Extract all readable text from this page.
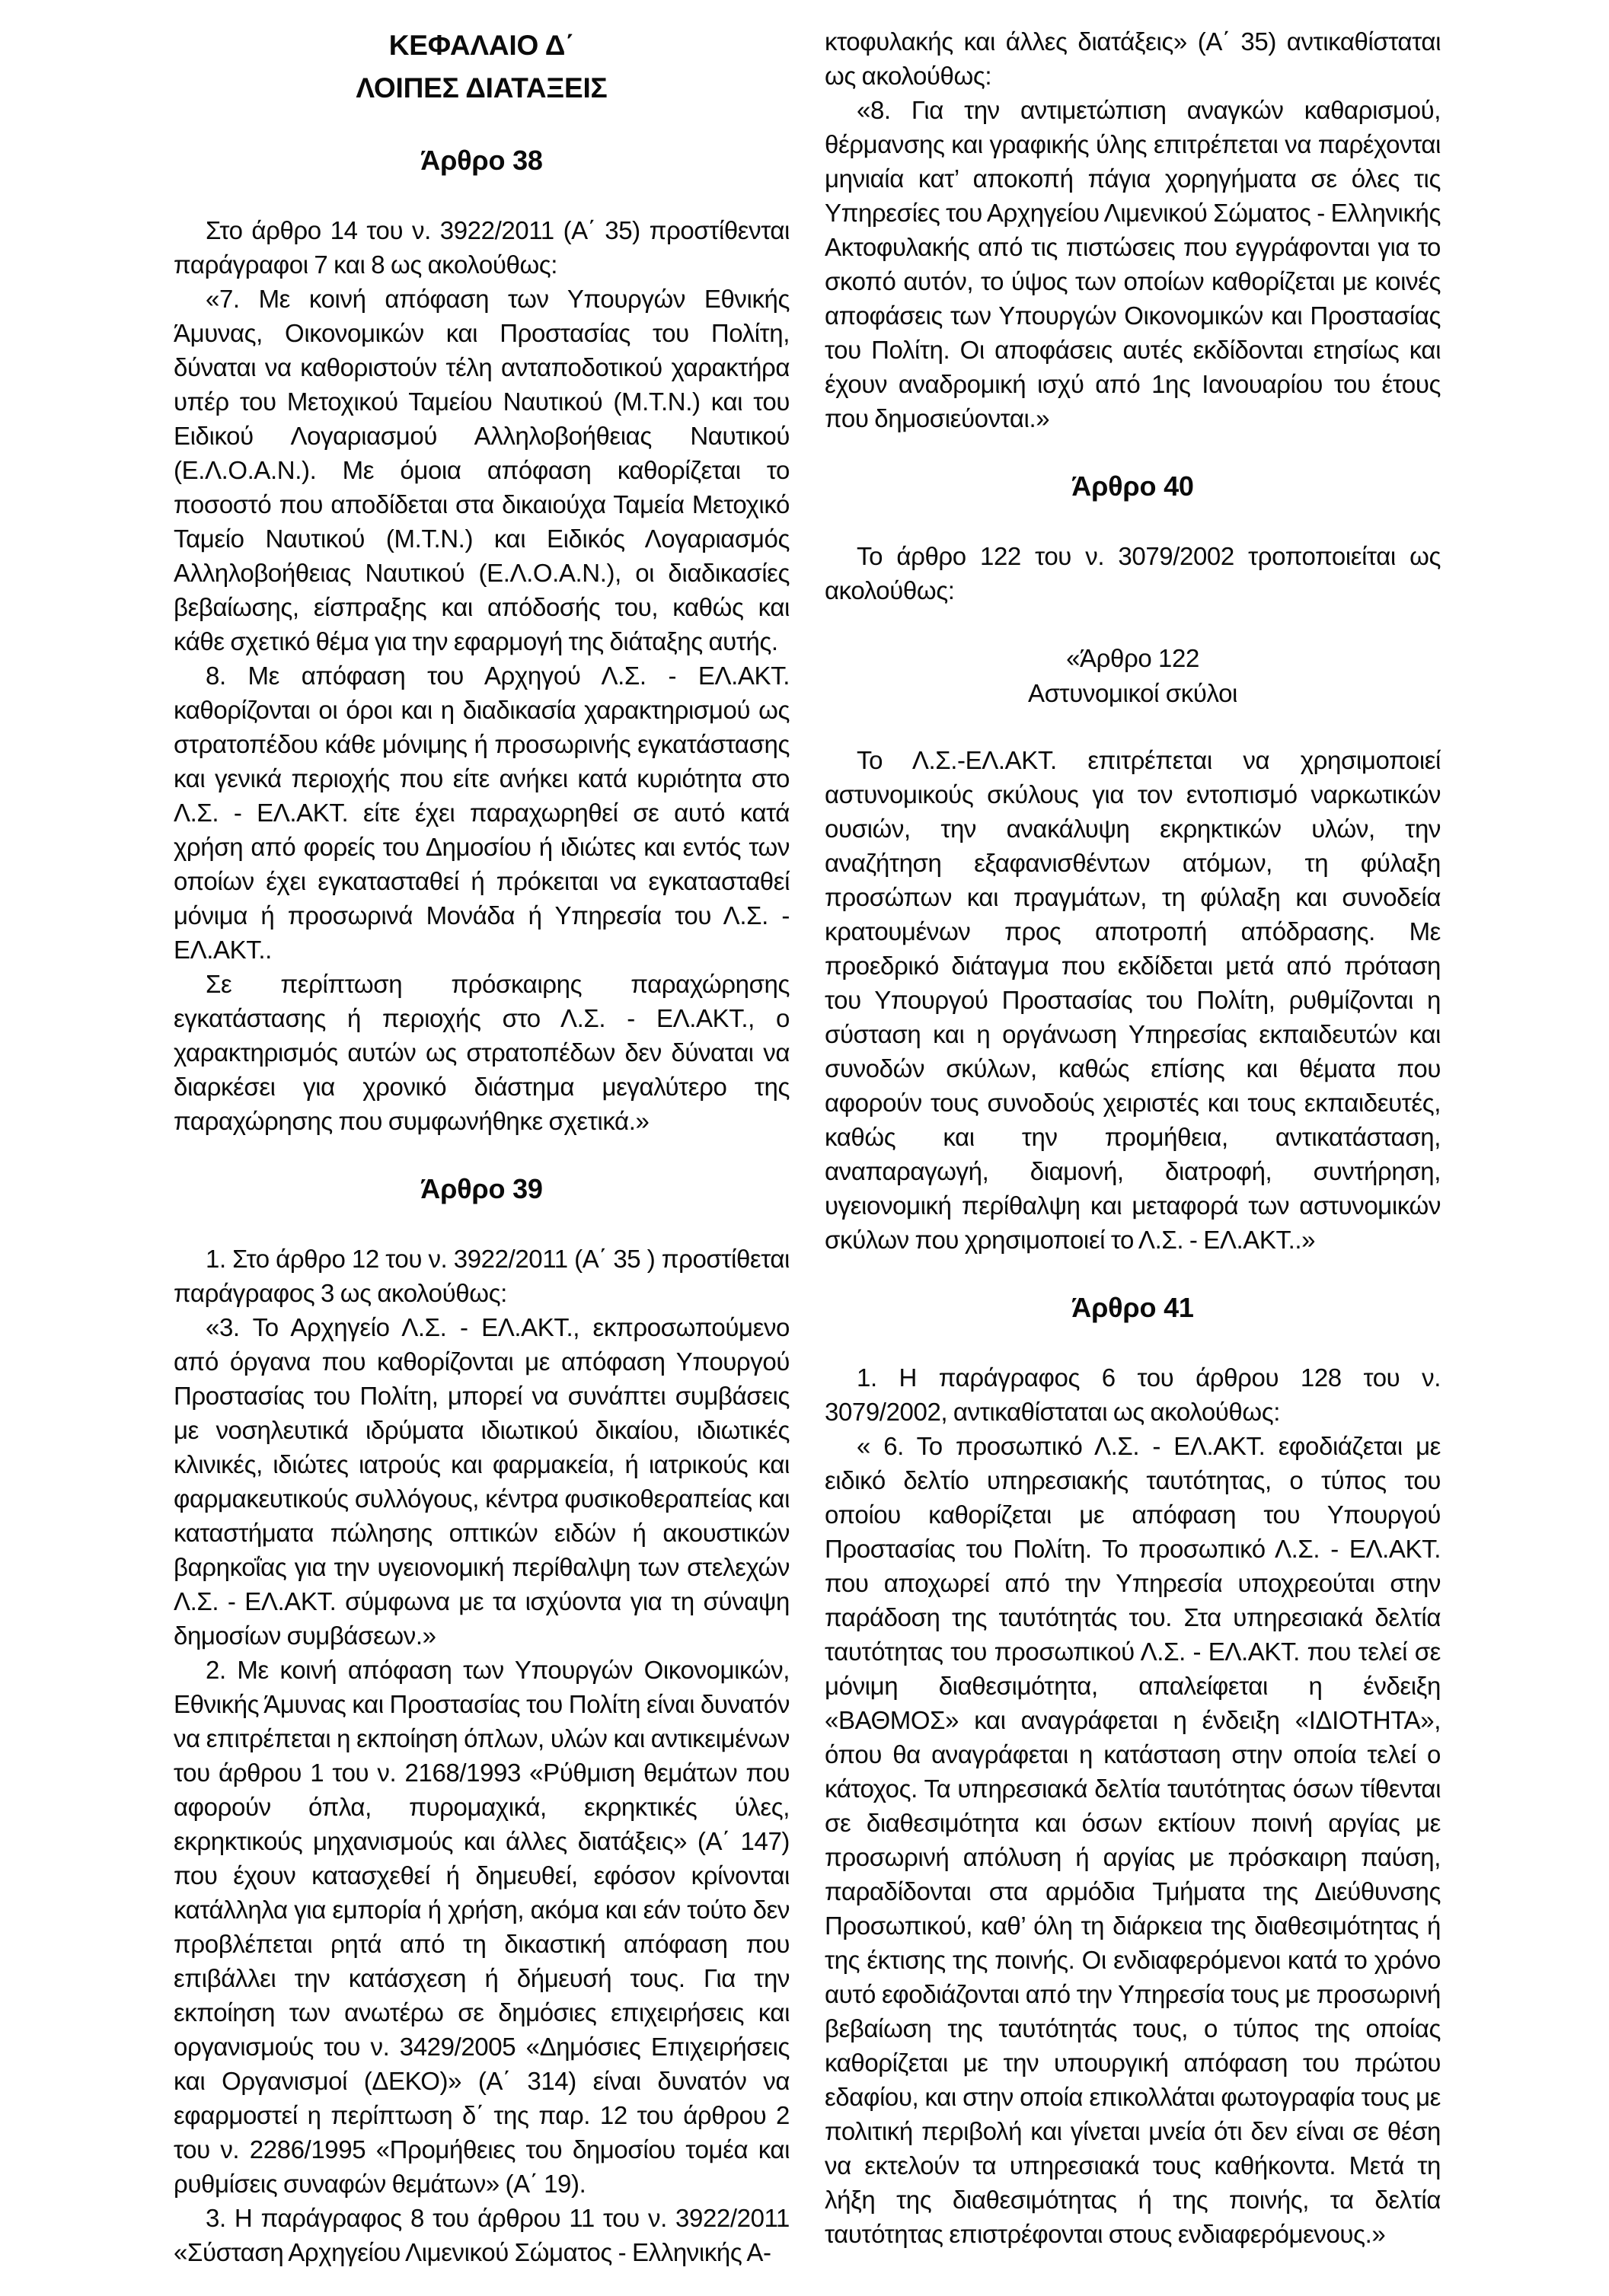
ΚΕΦΑΛΑΙΟ Δ΄
ΛΟΙΠΕΣ ΔΙΑΤΑΞΕΙΣ
Άρθρο 38

Στο άρθρο 14 του ν. 3922/2011 (Α΄ 35) προστίθενται παράγραφοι 7 και 8 ως ακολούθως:

«7. Με κοινή απόφαση των Υπουργών Εθνικής Άμυνας, Οικονομικών και Προστασίας του Πολίτη, δύναται να καθοριστούν τέλη ανταποδοτικού χαρακτήρα υπέρ του Μετοχικού Ταμείου Ναυτικού (Μ.Τ.Ν.) και του Ειδικού Λογαριασμού Αλληλοβοήθειας Ναυτικού (Ε.Λ.Ο.Α.Ν.). Με όμοια απόφαση καθορίζεται το ποσοστό που αποδίδεται στα δικαιούχα Ταμεία Μετοχικό Ταμείο Ναυτικού (Μ.Τ.Ν.) και Ειδικός Λογαριασμός Αλληλοβοήθειας Ναυτικού (Ε.Λ.Ο.Α.Ν.), οι διαδικασίες βεβαίωσης, είσπραξης και απόδοσής του, καθώς και κάθε σχετικό θέμα για την εφαρμογή της διάταξης αυτής.

8. Με απόφαση του Αρχηγού Λ.Σ. - ΕΛ.ΑΚΤ. καθορίζονται οι όροι και η διαδικασία χαρακτηρισμού ως στρατοπέδου κάθε μόνιμης ή προσωρινής εγκατάστασης και γενικά περιοχής που είτε ανήκει κατά κυριότητα στο Λ.Σ. - ΕΛ.ΑΚΤ. είτε έχει παραχωρηθεί σε αυτό κατά χρήση από φορείς του Δημοσίου ή ιδιώτες και εντός των οποίων έχει εγκατασταθεί ή πρόκειται να εγκατασταθεί μόνιμα ή προσωρινά Μονάδα ή Υπηρεσία του Λ.Σ. - ΕΛ.ΑΚΤ..

Σε περίπτωση πρόσκαιρης παραχώρησης εγκατάστασης ή περιοχής στο Λ.Σ. - ΕΛ.ΑΚΤ., ο χαρακτηρισμός αυτών ως στρατοπέδων δεν δύναται να διαρκέσει για χρονικό διάστημα μεγαλύτερο της παραχώρησης που συμφωνήθηκε σχετικά.»

Άρθρο 39

1. Στο άρθρο 12 του ν. 3922/2011 (Α΄ 35 ) προστίθεται παράγραφος 3 ως ακολούθως:

«3. Το Αρχηγείο Λ.Σ. - ΕΛ.ΑΚΤ., εκπροσωπούμενο από όργανα που καθορίζονται με απόφαση Υπουργού Προστασίας του Πολίτη, μπορεί να συνάπτει συμβάσεις με νοσηλευτικά ιδρύματα ιδιωτικού δικαίου, ιδιωτικές κλινικές, ιδιώτες ιατρούς και φαρμακεία, ή ιατρικούς και φαρμακευτικούς συλλόγους, κέντρα φυσικοθεραπείας και καταστήματα πώλησης οπτικών ειδών ή ακουστικών βαρηκοΐας για την υγειονομική περίθαλψη των στελεχών Λ.Σ. - ΕΛ.ΑΚΤ. σύμφωνα με τα ισχύοντα για τη σύναψη δημοσίων συμβάσεων.»

2. Με κοινή απόφαση των Υπουργών Οικονομικών, Εθνικής Άμυνας και Προστασίας του Πολίτη είναι δυνατόν να επιτρέπεται η εκποίηση όπλων, υλών και αντικειμένων του άρθρου 1 του ν. 2168/1993 «Ρύθμιση θεμάτων που αφορούν όπλα, πυρομαχικά, εκρηκτικές ύλες, εκρηκτικούς μηχανισμούς και άλλες διατάξεις» (Α΄ 147) που έχουν κατασχεθεί ή δημευθεί, εφόσον κρίνονται κατάλληλα για εμπορία ή χρήση, ακόμα και εάν τούτο δεν προβλέπεται ρητά από τη δικαστική απόφαση που επιβάλλει την κατάσχεση ή δήμευσή τους. Για την εκποίηση των ανωτέρω σε δημόσιες επιχειρήσεις και οργανισμούς του ν. 3429/2005 «Δημόσιες Επιχειρήσεις και Οργανισμοί (ΔΕΚΟ)» (Α΄ 314) είναι δυνατόν να εφαρμοστεί η περίπτωση δ΄ της παρ. 12 του άρθρου 2 του ν. 2286/1995 «Προμήθειες του δημοσίου τομέα και ρυθμίσεις συναφών θεμάτων» (Α΄ 19).

3. Η παράγραφος 8 του άρθρου 11 του ν. 3922/2011 «Σύσταση Αρχηγείου Λιμενικού Σώματος - Ελληνικής Α-

κτοφυλακής και άλλες διατάξεις» (Α΄ 35) αντικαθίσταται ως ακολούθως:

«8. Για την αντιμετώπιση αναγκών καθαρισμού, θέρμανσης και γραφικής ύλης επιτρέπεται να παρέχονται μηνιαία κατ’ αποκοπή πάγια χορηγήματα σε όλες τις Υπηρεσίες του Αρχηγείου Λιμενικού Σώματος - Ελληνικής Ακτοφυλακής από τις πιστώσεις που εγγράφονται για το σκοπό αυτόν, το ύψος των οποίων καθορίζεται με κοινές αποφάσεις των Υπουργών Οικονομικών και Προστασίας του Πολίτη. Οι αποφάσεις αυτές εκδίδονται ετησίως και έχουν αναδρομική ισχύ από 1ης Ιανουαρίου του έτους που δημοσιεύονται.»

Άρθρο 40

Το άρθρο 122 του ν. 3079/2002 τροποποιείται ως ακολούθως:

«Άρθρο 122
Αστυνομικοί σκύλοι

Το Λ.Σ.-ΕΛ.ΑΚΤ. επιτρέπεται να χρησιμοποιεί αστυνομικούς σκύλους για τον εντοπισμό ναρκωτικών ουσιών, την ανακάλυψη εκρηκτικών υλών, την αναζήτηση εξαφανισθέντων ατόμων, τη φύλαξη προσώπων και πραγμάτων, τη φύλαξη και συνοδεία κρατουμένων προς αποτροπή απόδρασης. Με προεδρικό διάταγμα που εκδίδεται μετά από πρόταση του Υπουργού Προστασίας του Πολίτη, ρυθμίζονται η σύσταση και η οργάνωση Υπηρεσίας εκπαιδευτών και συνοδών σκύλων, καθώς επίσης και θέματα που αφορούν τους συνοδούς χειριστές και τους εκπαιδευτές, καθώς και την προμήθεια, αντικατάσταση, αναπαραγωγή, διαμονή, διατροφή, συντήρηση, υγειονομική περίθαλψη και μεταφορά των αστυνομικών σκύλων που χρησιμοποιεί το Λ.Σ. - ΕΛ.ΑΚΤ..»

Άρθρο 41

1. Η παράγραφος 6 του άρθρου 128 του ν. 3079/2002, αντικαθίσταται ως ακολούθως:

« 6. Το προσωπικό Λ.Σ. - ΕΛ.ΑΚΤ. εφοδιάζεται με ειδικό δελτίο υπηρεσιακής ταυτότητας, ο τύπος του οποίου καθορίζεται με απόφαση του Υπουργού Προστασίας του Πολίτη. Το προσωπικό Λ.Σ. - ΕΛ.ΑΚΤ. που αποχωρεί από την Υπηρεσία υποχρεούται στην παράδοση της ταυτότητάς του. Στα υπηρεσιακά δελτία ταυτότητας του προσωπικού Λ.Σ. - ΕΛ.ΑΚΤ. που τελεί σε μόνιμη διαθεσιμότητα, απαλείφεται η ένδειξη «ΒΑΘΜΟΣ» και αναγράφεται η ένδειξη «ΙΔΙΟΤΗΤΑ», όπου θα αναγράφεται η κατάσταση στην οποία τελεί ο κάτοχος. Τα υπηρεσιακά δελτία ταυτότητας όσων τίθενται σε διαθεσιμότητα και όσων εκτίουν ποινή αργίας με προσωρινή απόλυση ή αργίας με πρόσκαιρη παύση, παραδίδονται στα αρμόδια Τμήματα της Διεύθυνσης Προσωπικού, καθ’ όλη τη διάρκεια της διαθεσιμότητας ή της έκτισης της ποινής. Οι ενδιαφερόμενοι κατά το χρόνο αυτό εφοδιάζονται από την Υπηρεσία τους με προσωρινή βεβαίωση της ταυτότητάς τους, ο τύπος της οποίας καθορίζεται με την υπουργική απόφαση του πρώτου εδαφίου, και στην οποία επικολλάται φωτογραφία τους με πολιτική περιβολή και γίνεται μνεία ότι δεν είναι σε θέση να εκτελούν τα υπηρεσιακά τους καθήκοντα. Μετά τη λήξη της διαθεσιμότητας ή της ποινής, τα δελτία ταυτότητας επιστρέφονται στους ενδιαφερόμενους.»
